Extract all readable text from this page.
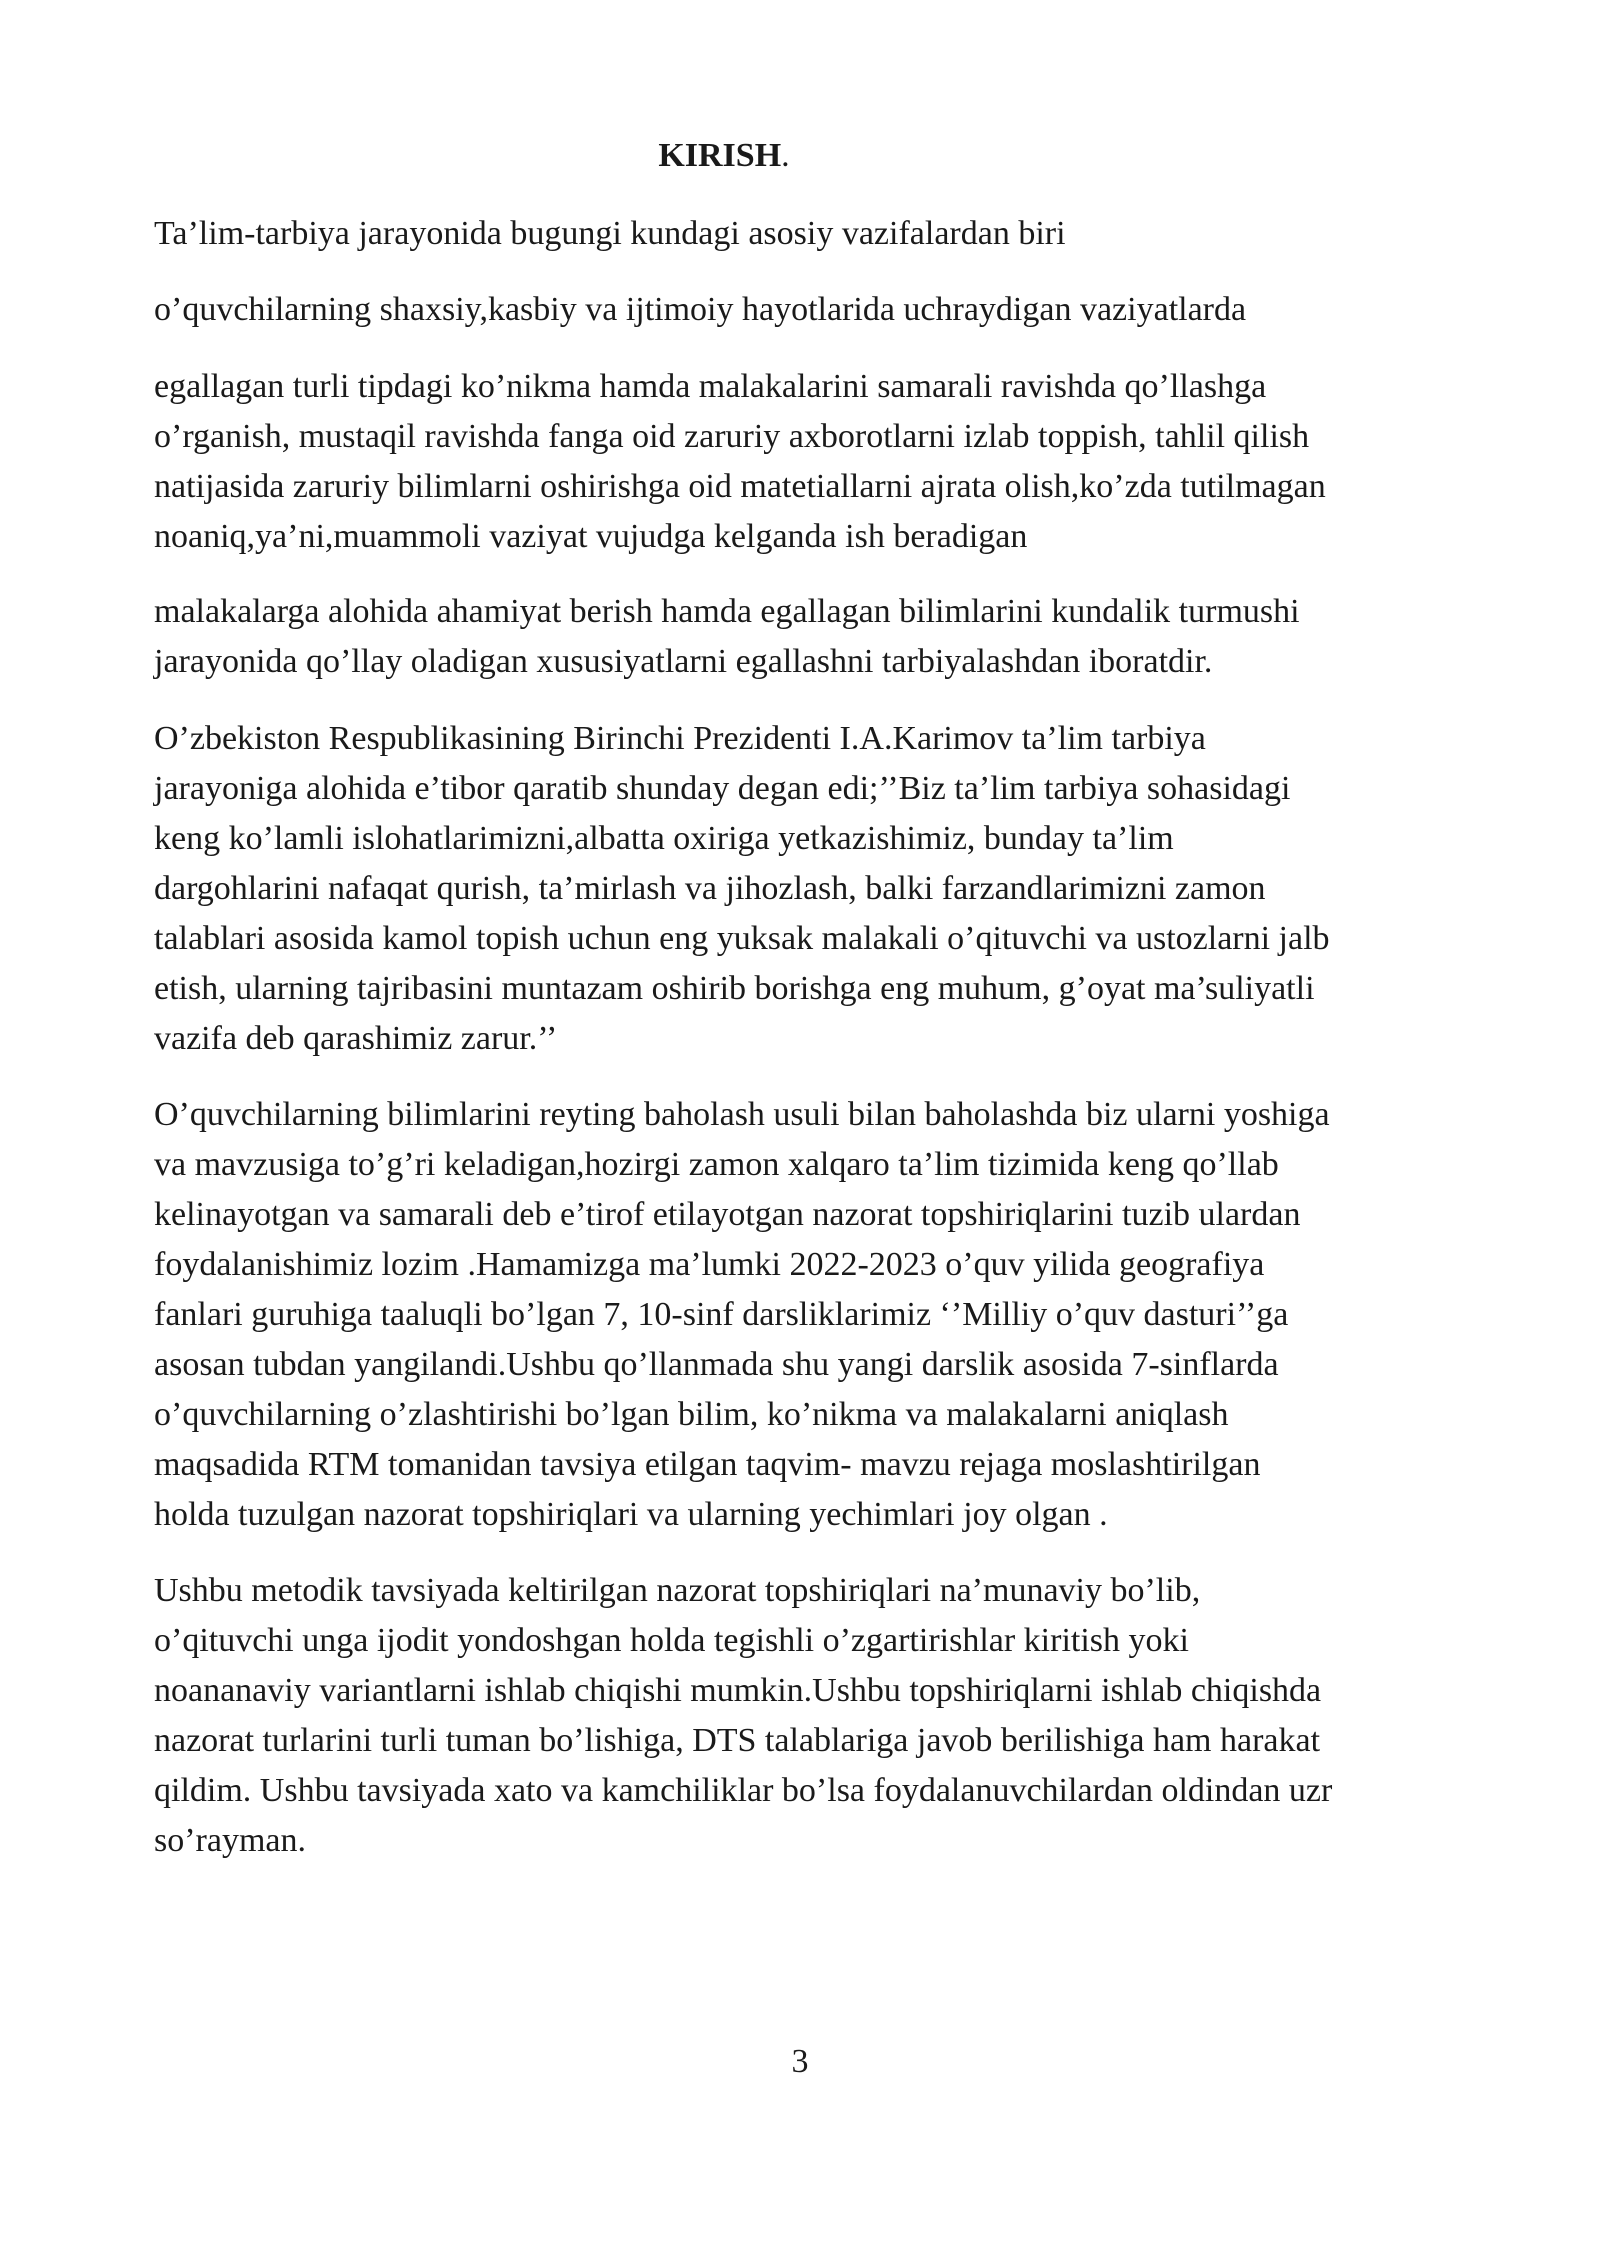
KIRISH.

Ta’lim-tarbiya jarayonida bugungi kundagi asosiy vazifalardan biri

o’quvchilarning shaxsiy,kasbiy va ijtimoiy hayotlarida uchraydigan vaziyatlarda

egallagan turli tipdagi ko’nikma hamda malakalarini samarali ravishda qo’llashga
o’rganish, mustaqil ravishda fanga oid zaruriy axborotlarni izlab toppish, tahlil qilish
natijasida zaruriy bilimlarni oshirishga oid matetiallarni ajrata olish,ko’zda tutilmagan
noaniq,ya’ni,muammoli vaziyat vujudga kelganda ish beradigan

malakalarga alohida ahamiyat berish hamda egallagan bilimlarini kundalik turmushi
jarayonida qo’llay oladigan xususiyatlarni egallashni tarbiyalashdan iboratdir.

O’zbekiston Respublikasining Birinchi Prezidenti I.A.Karimov ta’lim tarbiya
jarayoniga alohida e’tibor qaratib shunday degan edi;’’Biz ta’lim tarbiya sohasidagi
keng ko’lamli islohatlarimizni,albatta oxiriga yetkazishimiz, bunday ta’lim
dargohlarini nafaqat qurish, ta’mirlash va jihozlash, balki farzandlarimizni zamon
talablari asosida kamol topish uchun eng yuksak malakali o’qituvchi va ustozlarni jalb
etish, ularning tajribasini muntazam oshirib borishga eng muhum, g’oyat ma’suliyatli
vazifa deb qarashimiz zarur.’’

O’quvchilarning bilimlarini reyting baholash usuli bilan baholashda biz ularni yoshiga
va mavzusiga to’g’ri keladigan,hozirgi zamon xalqaro ta’lim tizimida keng qo’llab
kelinayotgan va samarali deb e’tirof etilayotgan nazorat topshiriqlarini tuzib ulardan
foydalanishimiz lozim .Hamamizga ma’lumki 2022-2023 o’quv yilida geografiya
fanlari guruhiga taaluqli bo’lgan 7, 10-sinf darsliklarimiz ‘’Milliy o’quv dasturi’’ga
asosan tubdan yangilandi.Ushbu qo’llanmada shu yangi darslik asosida 7-sinflarda
o’quvchilarning o’zlashtirishi bo’lgan bilim, ko’nikma va malakalarni aniqlash
maqsadida RTM tomanidan tavsiya etilgan taqvim- mavzu rejaga moslashtirilgan
holda tuzulgan nazorat topshiriqlari va ularning yechimlari joy olgan .

Ushbu metodik tavsiyada keltirilgan nazorat topshiriqlari na’munaviy bo’lib,
o’qituvchi unga ijodit yondoshgan holda tegishli o’zgartirishlar kiritish yoki
noananaviy variantlarni ishlab chiqishi mumkin.Ushbu topshiriqlarni ishlab chiqishda
nazorat turlarini turli tuman bo’lishiga, DTS talablariga javob berilishiga ham harakat
qildim. Ushbu tavsiyada xato va kamchiliklar bo’lsa foydalanuvchilardan oldindan uzr
so’rayman.

3
